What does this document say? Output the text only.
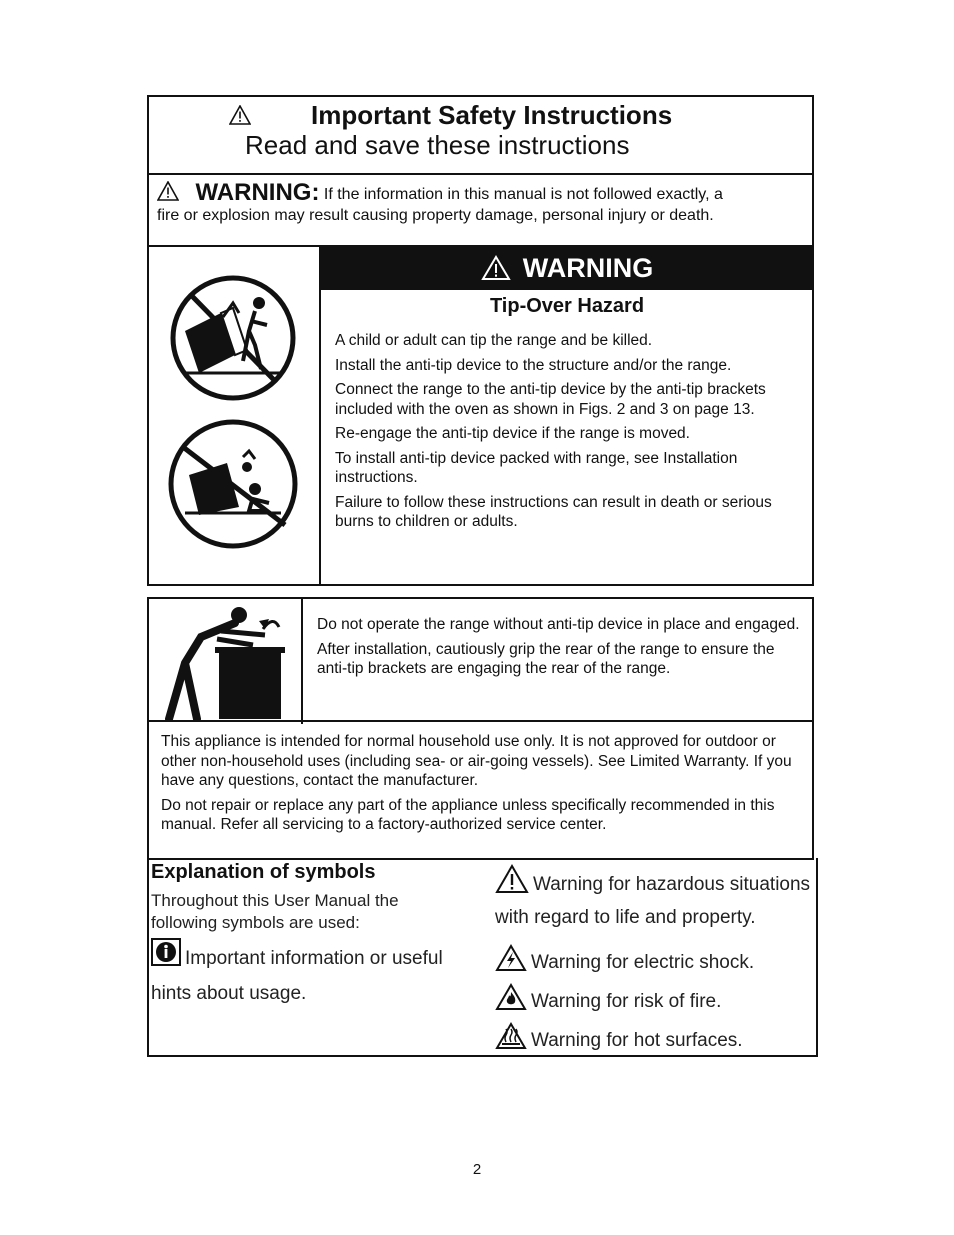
Important Safety Instructions
Read and save these instructions
WARNING: If the information in this manual is not followed exactly, a
fire or explosion may result causing property damage, personal injury or death.
WARNING
Tip-Over Hazard
A child or adult can tip the range and be killed.
Install the anti-tip device to the structure and/or the range.
Connect the range to the anti-tip device by the anti-tip brackets included with the oven as shown in Figs. 2 and 3 on page 13.
Re-engage the anti-tip device if the range is moved.
To install anti-tip device packed with range, see Installation instructions.
Failure to follow these instructions can result in death or serious burns to children or adults.
Do not operate the range without anti-tip device in place and engaged.
After installation, cautiously grip the rear of the range to ensure the anti-tip brackets are engaging the rear of the range.
This appliance is intended for normal household use only. It is not approved for outdoor or other non-household uses (including sea- or air-going vessels). See Limited Warranty. If you have any questions, contact the manufacturer.
Do not repair or replace any part of the appliance unless specifically recommended in this manual. Refer all servicing to a factory-authorized service center.
Explanation of symbols
Throughout this User Manual the following symbols are used:
Important information or useful hints about usage.
Warning for hazardous situations
with regard to life and property.
Warning for electric shock.
Warning for risk of fire.
Warning for hot surfaces.
2
